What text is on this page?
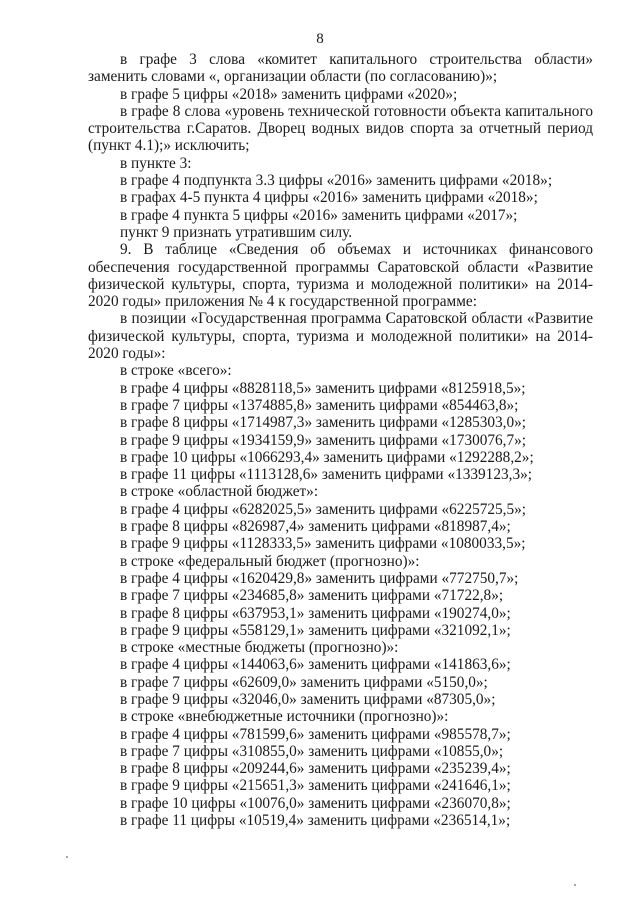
8

в графе 3 слова «комитет капитального строительства области» заменить словами «, организации области (по согласованию)»;

в графе 5 цифры «2018» заменить цифрами «2020»;

в графе 8 слова «уровень технической готовности объекта капитального строительства г.Саратов. Дворец водных видов спорта за отчетный период (пункт 4.1);» исключить;

в пункте 3:

в графе 4 подпункта 3.3 цифры «2016» заменить цифрами «2018»;

в графах 4-5 пункта 4 цифры «2016» заменить цифрами «2018»;

в графе 4 пункта 5 цифры «2016» заменить цифрами «2017»;

пункт 9 признать утратившим силу.

9. В таблице «Сведения об объемах и источниках финансового обеспечения государственной программы Саратовской области «Развитие физической культуры, спорта, туризма и молодежной политики» на 2014-2020 годы» приложения № 4 к государственной программе:

в позиции «Государственная программа Саратовской области «Развитие физической культуры, спорта, туризма и молодежной политики» на 2014-2020 годы»:

в строке «всего»:

в графе 4 цифры «8828118,5» заменить цифрами «8125918,5»;

в графе 7 цифры «1374885,8» заменить цифрами «854463,8»;

в графе 8 цифры «1714987,3» заменить цифрами «1285303,0»;

в графе 9 цифры «1934159,9» заменить цифрами «1730076,7»;

в графе 10 цифры «1066293,4» заменить цифрами «1292288,2»;

в графе 11 цифры «1113128,6» заменить цифрами «1339123,3»;

в строке «областной бюджет»:

в графе 4 цифры «6282025,5» заменить цифрами «6225725,5»;

в графе 8 цифры «826987,4» заменить цифрами «818987,4»;

в графе 9 цифры «1128333,5» заменить цифрами «1080033,5»;

в строке «федеральный бюджет (прогнозно)»:

в графе 4 цифры «1620429,8» заменить цифрами «772750,7»;

в графе 7 цифры «234685,8» заменить цифрами «71722,8»;

в графе 8 цифры «637953,1» заменить цифрами «190274,0»;

в графе 9 цифры «558129,1» заменить цифрами «321092,1»;

в строке «местные бюджеты (прогнозно)»:

в графе 4 цифры «144063,6» заменить цифрами «141863,6»;

в графе 7 цифры «62609,0» заменить цифрами «5150,0»;

в графе 9 цифры «32046,0» заменить цифрами «87305,0»;

в строке «внебюджетные источники (прогнозно)»:

в графе 4 цифры «781599,6» заменить цифрами «985578,7»;

в графе 7 цифры «310855,0» заменить цифрами «10855,0»;

в графе 8 цифры «209244,6» заменить цифрами «235239,4»;

в графе 9 цифры «215651,3» заменить цифрами «241646,1»;

в графе 10 цифры «10076,0» заменить цифрами «236070,8»;

в графе 11 цифры «10519,4» заменить цифрами «236514,1»;
